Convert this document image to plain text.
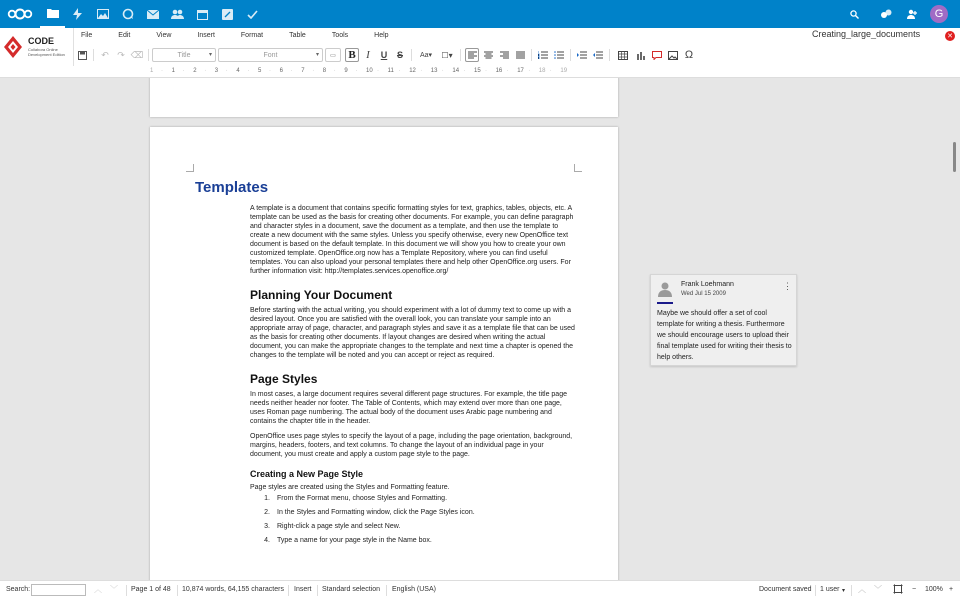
G
CODE
Collabora Online Development Edition
File	Edit	View	Insert	Format	Table	Tools	Help	Creating_large_documents	✕
↶ ↷ ⌫	Title	▾	Font	▾ ▭	B I	U	S	Aa▾	☐▾	Ω
1 · 1 · 2 · 3 · 4 · 5 · 6 · 7 · 8 · 9 · 10 · 11 · 12 · 13 · 14 · 15 · 16 · 17 · 18 · 19
Templates

A template is a document that contains specific formatting styles for text, graphics, tables, objects, etc. A template can be used as the basis for creating other documents. For example, you can define paragraph and character styles in a document, save the document as a template, and then use the template to create a new document with the same styles. Unless you specify otherwise, every new OpenOffice text document is based on the default template. In this document we will show you how to create your own customized template. OpenOffice.org now has a Template Repository, where you can find useful templates. You can also upload your personal templates there and help other OpenOffice.org users. For further information visit: http://templates.services.openoffice.org/

Planning Your Document

Before starting with the actual writing, you should experiment with a lot of dummy text to come up with a desired layout. Once you are satisfied with the overall look, you can translate your sample into an appropriate array of page, character, and paragraph styles and save it as a template file that can be used as the basis for creating other documents. If layout changes are desired when writing the actual document, you can make the appropriate changes to the template and next time a chapter is opened the changes to the template will be noted and you can accept or reject as required.

Page Styles

In most cases, a large document requires several different page structures. For example, the title page needs neither header nor footer. The Table of Contents, which may extend over more than one page, uses Roman page numbering. The actual body of the document uses Arabic page numbering and contains the chapter title in the header.

OpenOffice uses page styles to specify the layout of a page, including the page orientation, background, margins, headers, footers, and text columns. To change the layout of an individual page in your document, you must create and apply a custom page style to the page.

Creating a New Page Style

Page styles are created using the Styles and Formatting feature.

1. From the Format menu, choose Styles and Formatting.
2. In the Styles and Formatting window, click the Page Styles icon.
3. Right-click a page style and select New.
4. Type a name for your page style in the Name box.
Frank Loehmann
Wed Jul 15 2009
⋮
Maybe we should offer a set of cool template for writing a thesis. Furthermore we should encourage users to upload their final template used for writing their thesis to help others.
Search:	︿ ﹀ Page 1 of 48 10,874 words, 64,155 characters Insert Standard selection English (USA)	Document saved 1 user ▾ ︿ ﹀	− 100% +
